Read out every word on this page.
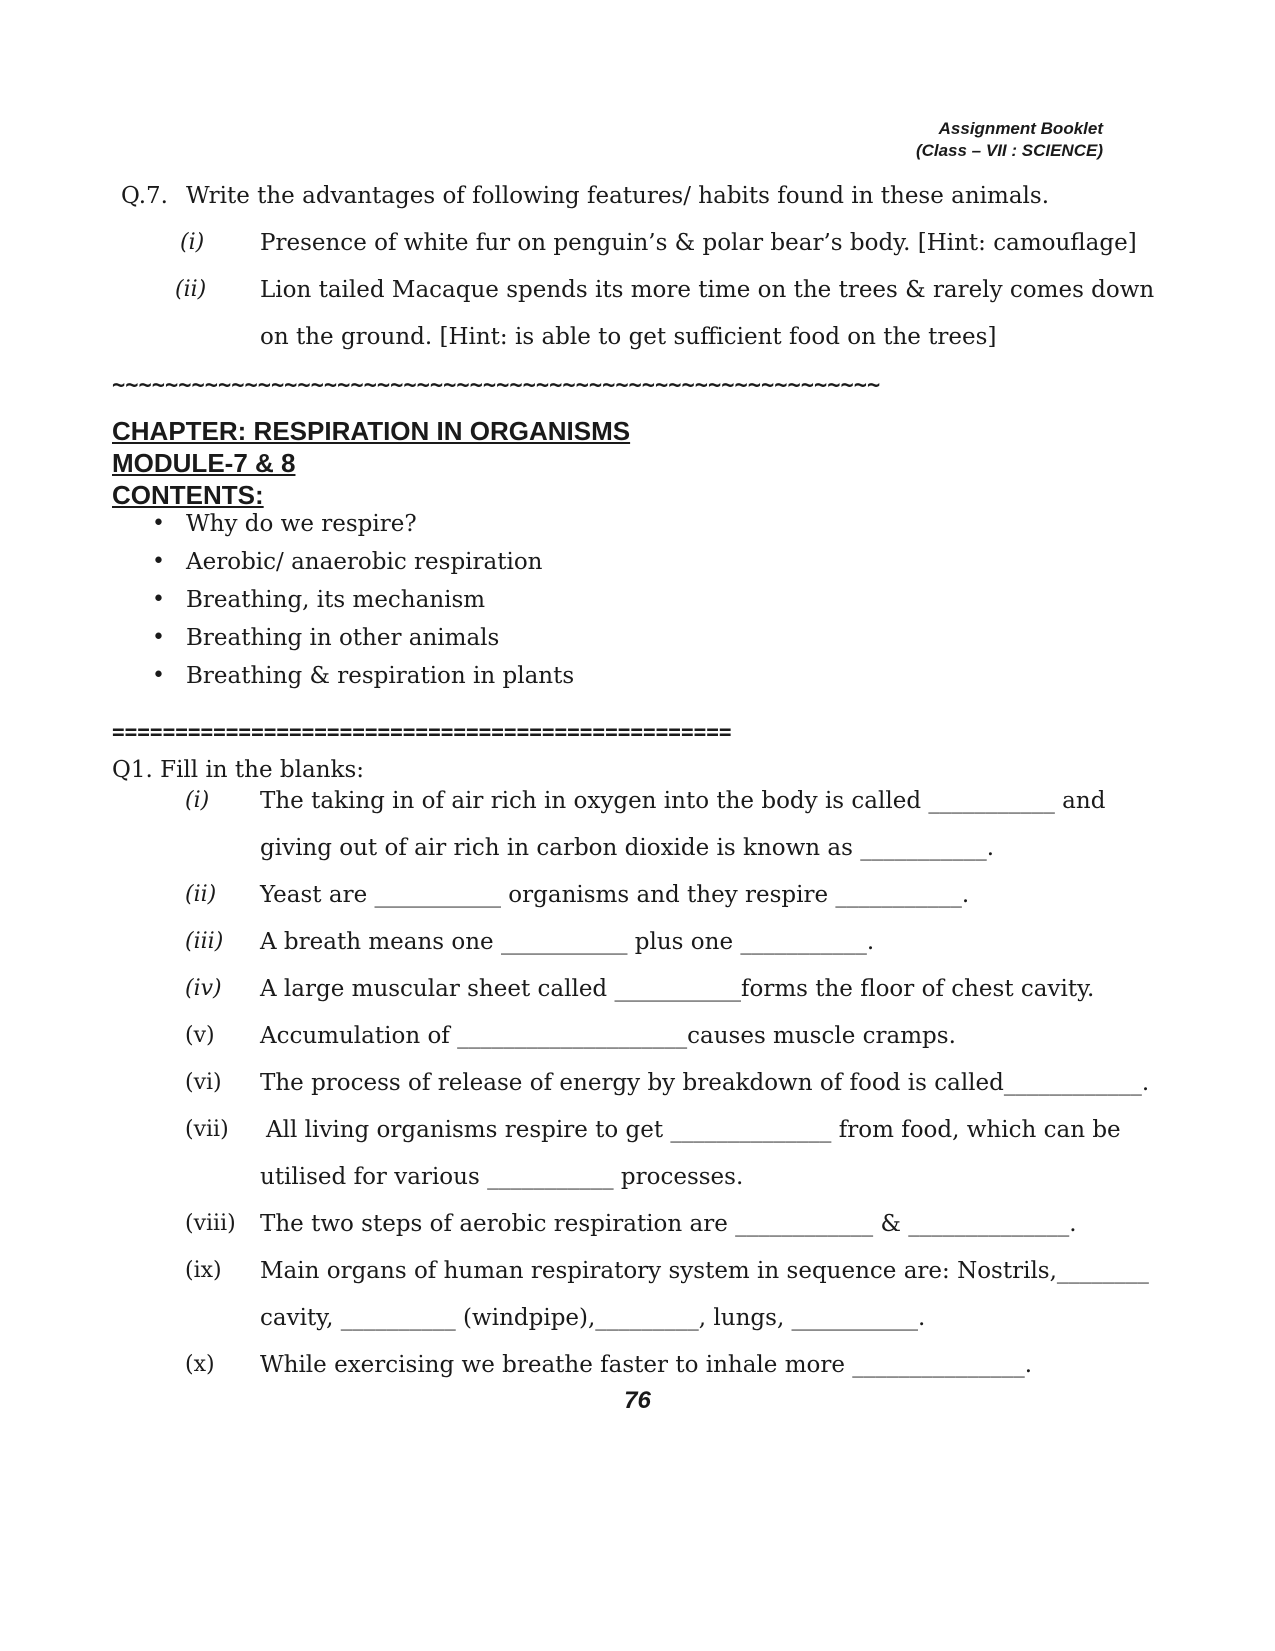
Assignment Booklet
(Class – VII : SCIENCE)
Q.7. Write the advantages of following features/ habits found in these animals.
(i) Presence of white fur on penguin’s & polar bear’s body. [Hint: camouflage]
(ii) Lion tailed Macaque spends its more time on the trees & rarely comes down
on the ground. [Hint: is able to get sufficient food on the trees]
~~~~~~~~~~~~~~~~~~~~~~~~~~~~~~~~~~~~~~~~~~~~~~~~~~~~~~~~~~
CHAPTER: RESPIRATION IN ORGANISMS
MODULE-7 & 8
CONTENTS:
• Why do we respire?
• Aerobic/ anaerobic respiration
• Breathing, its mechanism
• Breathing in other animals
• Breathing & respiration in plants
=================================================
Q1. Fill in the blanks:
(i) The taking in of air rich in oxygen into the body is called ___________ and
giving out of air rich in carbon dioxide is known as ___________.
(ii) Yeast are ___________ organisms and they respire ___________.
(iii) A breath means one ___________ plus one ___________.
(iv) A large muscular sheet called ___________forms the floor of chest cavity.
(v) Accumulation of ____________________causes muscle cramps.
(vi) The process of release of energy by breakdown of food is called____________.
(vii) All living organisms respire to get ______________ from food, which can be
utilised for various ___________ processes.
(viii) The two steps of aerobic respiration are ____________ & ______________.
(ix) Main organs of human respiratory system in sequence are: Nostrils,________
cavity, __________ (windpipe),_________, lungs, ___________.
(x) While exercising we breathe faster to inhale more _______________.
76
